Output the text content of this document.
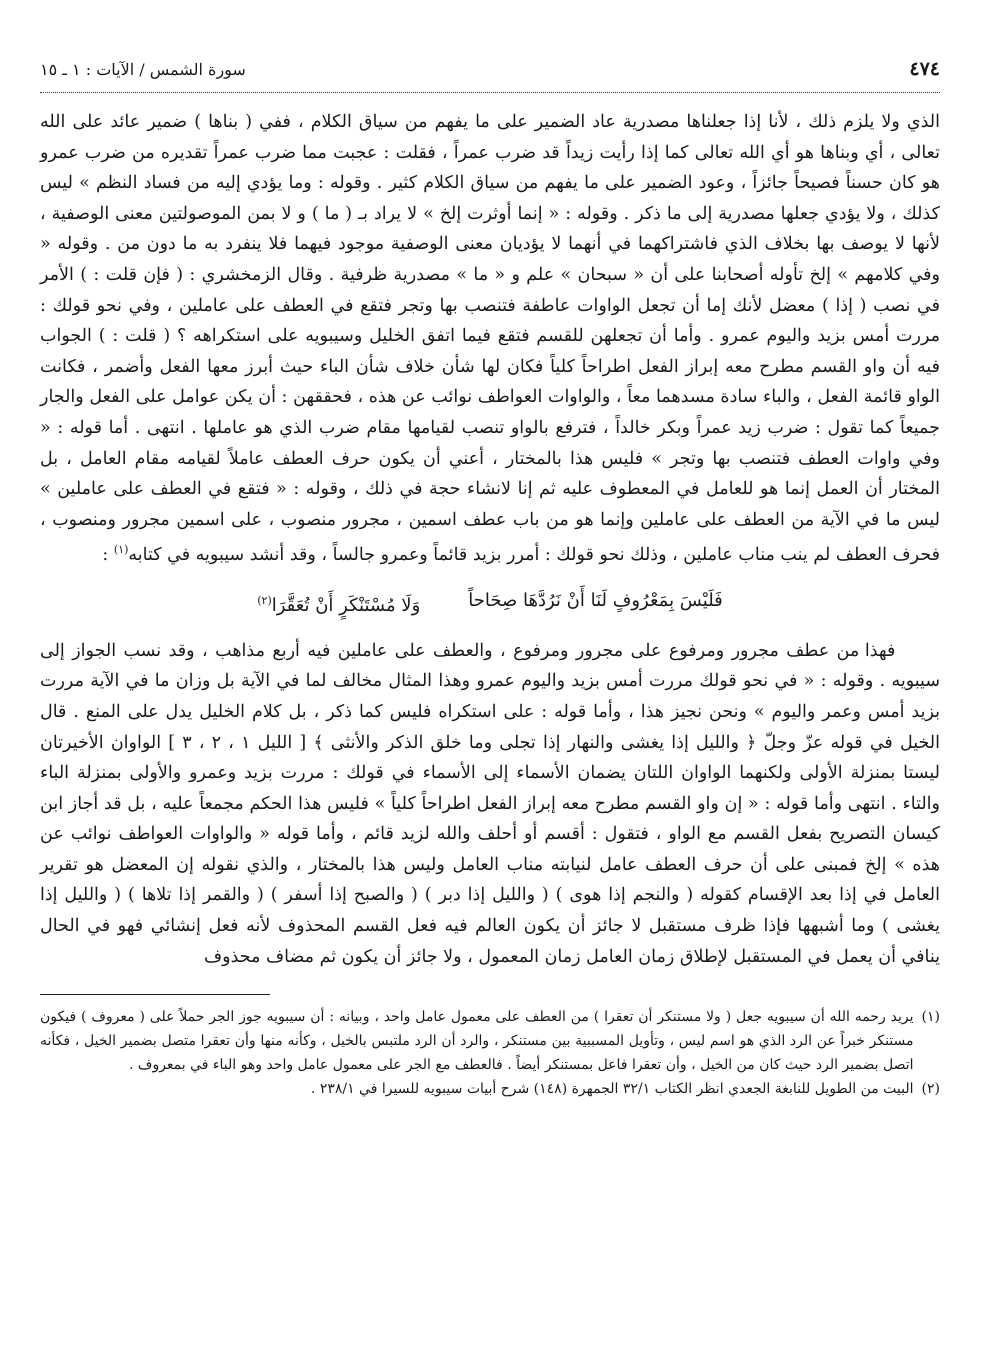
٤٧٤
سورة الشمس / الآيات : ١ ـ ١٥

الذي ولا يلزم ذلك ، لأنا إذا جعلناها مصدرية عاد الضمير على ما يفهم من سياق الكلام ، ففي ( بناها ) ضمير عائد على الله تعالى ، أي وبناها هو أي الله تعالى كما إذا رأيت زيداً قد ضرب عمراً ، فقلت : عجبت مما ضرب عمراً تقديره من ضرب عمرو هو كان حسناً فصيحاً جائزاً ، وعود الضمير على ما يفهم من سياق الكلام كثير . وقوله : وما يؤدي إليه من فساد النظم » ليس كذلك ، ولا يؤدي جعلها مصدرية إلى ما ذكر . وقوله : « إنما أوثرت إلخ » لا يراد بـ ( ما ) و لا بمن الموصولتين معنى الوصفية ، لأنها لا يوصف بها بخلاف الذي فاشتراكهما في أنهما لا يؤديان معنى الوصفية موجود فيهما فلا ينفرد به ما دون من . وقوله « وفي كلامهم » إلخ تأوله أصحابنا على أن « سبحان » علم و « ما » مصدرية ظرفية . وقال الزمخشري : ( فإن قلت : ) الأمر في نصب ( إذا ) معضل لأنك إما أن تجعل الواوات عاطفة فتنصب بها وتجر فتقع في العطف على عاملين ، وفي نحو قولك : مررت أمس بزيد واليوم عمرو . وأما أن تجعلهن للقسم فتقع فيما اتفق الخليل وسيبويه على استكراهه ؟ ( قلت : ) الجواب فيه أن واو القسم مطرح معه إبراز الفعل اطراحاً كلياً فكان لها شأن خلاف شأن الباء حيث أبرز معها الفعل وأضمر ، فكانت الواو قائمة الفعل ، والباء سادة مسدهما معاً ، والواوات العواطف نوائب عن هذه ، فحققهن : أن يكن عوامل على الفعل والجار جميعاً كما تقول : ضرب زيد عمراً وبكر خالداً ، فترفع بالواو تنصب لقيامها مقام ضرب الذي هو عاملها . انتهى . أما قوله : « وفي واوات العطف فتنصب بها وتجر » فليس هذا بالمختار ، أعني أن يكون حرف العطف عاملاً لقيامه مقام العامل ، بل المختار أن العمل إنما هو للعامل في المعطوف عليه ثم إنا لانشاء حجة في ذلك ، وقوله : « فتقع في العطف على عاملين » ليس ما في الآية من العطف على عاملين وإنما هو من باب عطف اسمين ، مجرور منصوب ، على اسمين مجرور ومنصوب ، فحرف العطف لم ينب مناب عاملين ، وذلك نحو قولك : أمرر بزيد قائماً وعمرو جالساً ، وقد أنشد سيبويه في كتابه$^{(١)}$ :

فَلَيْسَ بِمَعْرُوفٍ لَنَا أَنْ نَرُدَّهَا صِحَاحاً
وَلَا مُسْتَنْكَرٍ أَنْ تُعَقَّرَا$^{(٢)}$

فهذا من عطف مجرور ومرفوع على مجرور ومرفوع ، والعطف على عاملين فيه أربع مذاهب ، وقد نسب الجواز إلى سيبويه . وقوله : « في نحو قولك مررت أمس بزيد واليوم عمرو وهذا المثال مخالف لما في الآية بل وزان ما في الآية مررت بزيد أمس وعمر واليوم » ونحن نجيز هذا ، وأما قوله : على استكراه فليس كما ذكر ، بل كلام الخليل يدل على المنع . قال الخيل في قوله عزّ وجلّ ﴿ والليل إذا يغشى والنهار إذا تجلى وما خلق الذكر والأنثى ﴾ [ الليل ١ ، ٢ ، ٣ ] الواوان الأخيرتان ليستا بمنزلة الأولى ولكنهما الواوان اللتان يضمان الأسماء إلى الأسماء في قولك : مررت بزيد وعمرو والأولى بمنزلة الباء والتاء . انتهى وأما قوله : « إن واو القسم مطرح معه إبراز الفعل اطراحاً كلياً » فليس هذا الحكم مجمعاً عليه ، بل قد أجاز ابن كيسان التصريح بفعل القسم مع الواو ، فتقول : أقسم أو أحلف والله لزيد قائم ، وأما قوله « والواوات العواطف نوائب عن هذه » إلخ فمبنى على أن حرف العطف عامل لنيابته مناب العامل وليس هذا بالمختار ، والذي نقوله إن المعضل هو تقرير العامل في إذا بعد الإقسام كقوله ( والنجم إذا هوى ) ( والليل إذا دبر ) ( والصبح إذا أسفر ) ( والقمر إذا تلاها ) ( والليل إذا يغشى ) وما أشبهها فإذا ظرف مستقبل لا جائز أن يكون العالم فيه فعل القسم المحذوف لأنه فعل إنشائي فهو في الحال ينافي أن يعمل في المستقبل لإطلاق زمان العامل زمان المعمول ، ولا جائز أن يكون ثم مضاف محذوف

(١)
يريد رحمه الله أن سيبويه جعل ( ولا مستنكر أن تعقرا ) من العطف على معمول عامل واحد ، وبيانه : أن سيبويه جوز الجر حملاً على ( معروف ) فيكون مستنكر خبراً عن الرد الذي هو اسم ليس ، وتأويل المسببية بين مستنكر ، والرد أن الرد ملتبس بالخيل ، وكأنه منها وأن تعقرا متصل بضمير الخيل ، فكأنه اتصل بضمير الرد حيث كان من الخيل ، وأن تعقرا فاعل بمستنكر أيضاً . فالعطف مع الجر على معمول عامل واحد وهو الباء في بمعروف .
(٢)
البيت من الطويل للنابغة الجعدي انظر الكتاب ٣٢/١ الجمهرة (١٤٨) شرح أبيات سيبويه للسيرا في ٢٣٨/١ .
